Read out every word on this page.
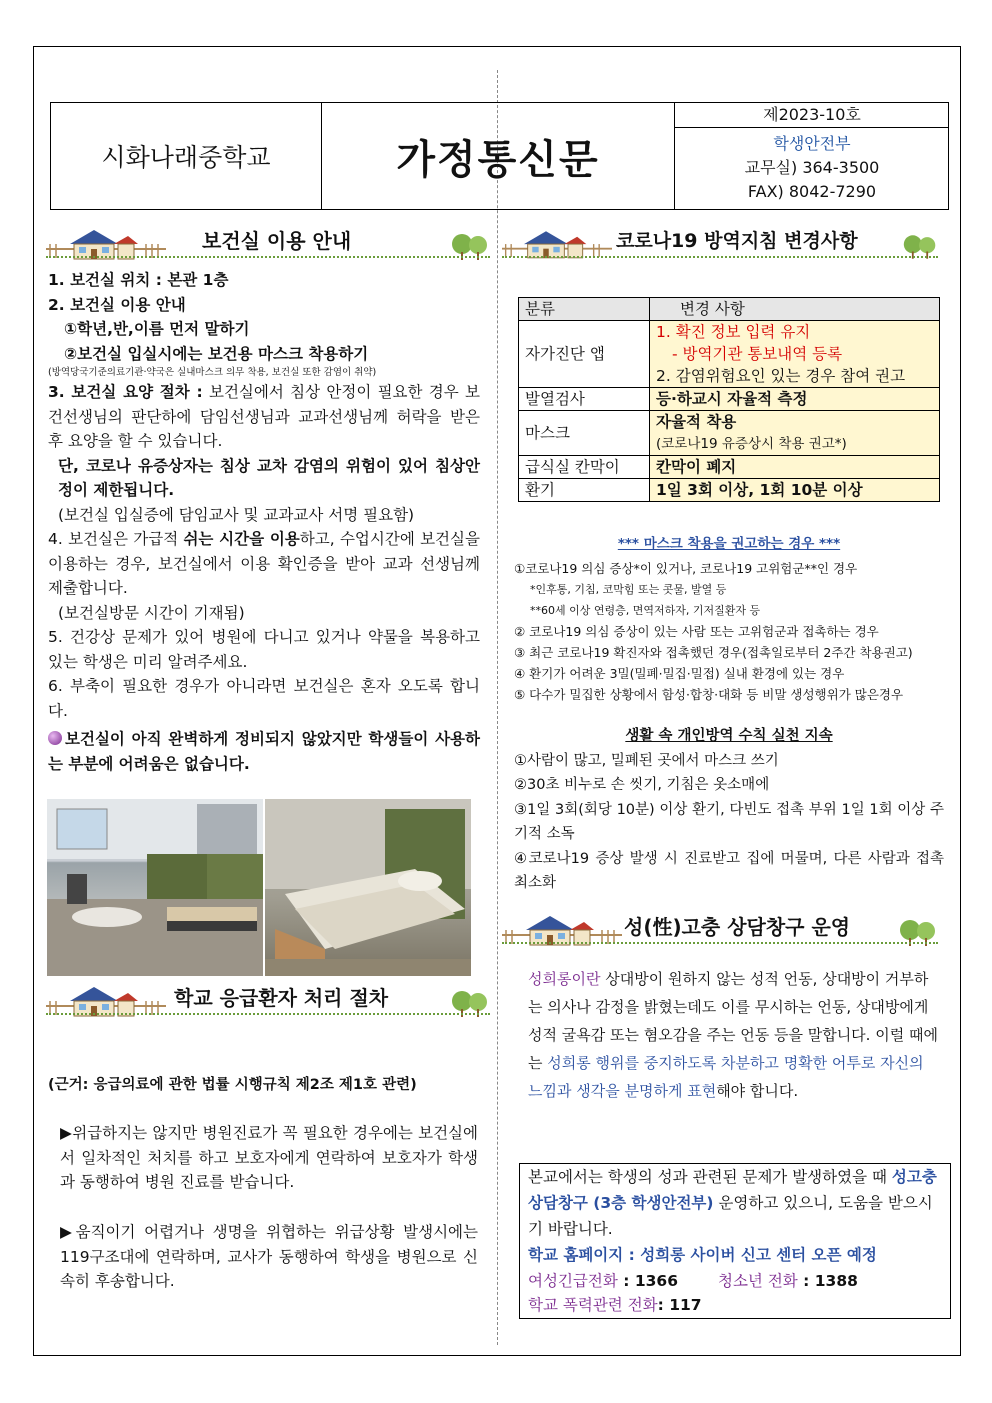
시화나래중학교	가정통신문
제2023-10호
학생안전부
교무실) 364-3500
FAX) 8042-7290
보건실 이용 안내
1. 보건실 위치 : 본관 1층
2. 보건실 이용 안내
①학년,반,이름 먼저 말하기
②보건실 입실시에는 보건용 마스크 착용하기
(방역당국기준의료기관·약국은 실내마스크 의무 착용, 보건실 또한 감염이 취약)
3. 보건실 요양 절차 : 보건실에서 침상 안정이 필요한 경우 보건선생님의 판단하에 담임선생님과 교과선생님께 허락을 받은 후 요양을 할 수 있습니다.
단, 코로나 유증상자는 침상 교차 감염의 위험이 있어 침상안정이 제한됩니다.
(보건실 입실증에 담임교사 및 교과교사 서명 필요함)
4. 보건실은 가급적 쉬는 시간을 이용하고, 수업시간에 보건실을 이용하는 경우, 보건실에서 이용 확인증을 받아 교과 선생님께 제출합니다.
(보건실방문 시간이 기재됨)
5. 건강상 문제가 있어 병원에 다니고 있거나 약물을 복용하고 있는 학생은 미리 알려주세요.
6. 부축이 필요한 경우가 아니라면 보건실은 혼자 오도록 합니다.
보건실이 아직 완벽하게 정비되지 않았지만 학생들이 사용하는 부분에 어려움은 없습니다.
학교 응급환자 처리 절차
(근거: 응급의료에 관한 법률 시행규칙 제2조 제1호 관련)
▶위급하지는 않지만 병원진료가 꼭 필요한 경우에는 보건실에서 일차적인 처치를 하고 보호자에게 연락하여 보호자가 학생과 동행하여 병원 진료를 받습니다.
▶움직이기 어렵거나 생명을 위협하는 위급상황 발생시에는 119구조대에 연락하며, 교사가 동행하여 학생을 병원으로 신속히 후송합니다.
코로나19 방역지침 변경사항
분류	변경 사항
자가진단 앱	1. 확진 정보 입력 유지
- 방역기관 통보내역 등록
2. 감염위험요인 있는 경우 참여 권고

발열검사	등·하교시 자율적 측정
마스크	자율적 착용
(코로나19 유증상시 착용 권고*)

급식실 칸막이	칸막이 폐지
환기	1일 3회 이상, 1회 10분 이상
*** 마스크 착용을 권고하는 경우 ***
①코로나19 의심 증상*이 있거나, 코로나19 고위험군**인 경우
*인후통, 기침, 코막힘 또는 콧물, 발열 등
**60세 이상 연령층, 면역저하자, 기저질환자 등
② 코로나19 의심 증상이 있는 사람 또는 고위험군과 접촉하는 경우
③ 최근 코로나19 확진자와 접촉했던 경우(접촉일로부터 2주간 착용권고)
④ 환기가 어려운 3밀(밀폐·밀집·밀접) 실내 환경에 있는 경우
⑤ 다수가 밀집한 상황에서 함성·합창·대화 등 비말 생성행위가 많은경우
생활 속 개인방역 수칙 실천 지속
①사람이 많고, 밀폐된 곳에서 마스크 쓰기
②30초 비누로 손 씻기, 기침은 옷소매에
③1일 3회(회당 10분) 이상 환기, 다빈도 접촉 부위 1일 1회 이상 주기적 소독
④코로나19 증상 발생 시 진료받고 집에 머물며, 다른 사람과 접촉 최소화
성(性)고충 상담창구 운영
성희롱이란 상대방이 원하지 않는 성적 언동, 상대방이 거부하는 의사나 감정을 밝혔는데도 이를 무시하는 언동, 상대방에게 성적 굴욕감 또는 혐오감을 주는 언동 등을 말합니다. 이럴 때에는 성희롱 행위를 중지하도록 차분하고 명확한 어투로 자신의 느낌과 생각을 분명하게 표현해야 합니다.
본교에서는 학생의 성과 관련된 문제가 발생하였을 때 성고충 상담창구 (3층 학생안전부) 운영하고 있으니, 도움을 받으시기 바랍니다.
학교 홈페이지 : 성희롱 사이버 신고 센터 오픈 예정
여성긴급전화 : 1366	청소년 전화 : 1388
학교 폭력관련 전화: 117
